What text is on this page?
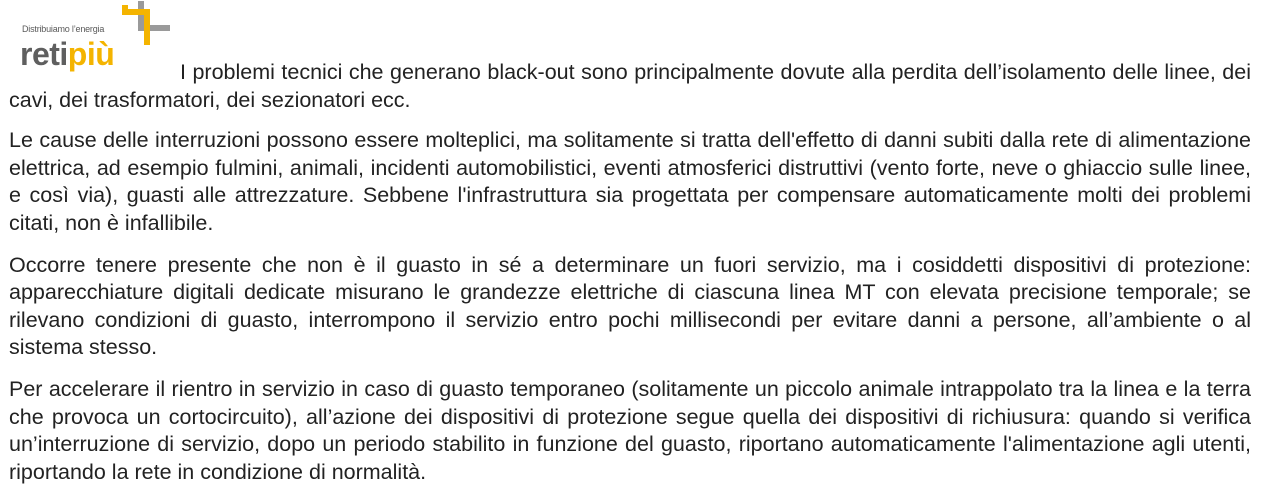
Distribuiamo l’energia
retipiù	I problemi tecnici che generano black-out sono principalmente dovute alla perdita dell’isolamento delle linee, dei cavi, dei trasformatori, dei sezionatori ecc.

Le cause delle interruzioni possono essere molteplici, ma solitamente si tratta dell'effetto di danni subiti dalla rete di alimentazione elettrica, ad esempio fulmini, animali, incidenti automobilistici, eventi atmosferici distruttivi (vento forte, neve o ghiaccio sulle linee, e così via), guasti alle attrezzature. Sebbene l'infrastruttura sia progettata per compensare automaticamente molti dei problemi citati, non è infallibile.

Occorre tenere presente che non è il guasto in sé a determinare un fuori servizio, ma i cosiddetti dispositivi di protezione: apparecchiature digitali dedicate misurano le grandezze elettriche di ciascuna linea MT con elevata precisione temporale; se rilevano condizioni di guasto, interrompono il servizio entro pochi millisecondi per evitare danni a persone, all’ambiente o al sistema stesso.

Per accelerare il rientro in servizio in caso di guasto temporaneo (solitamente un piccolo animale intrappolato tra la linea e la terra che provoca un cortocircuito), all’azione dei dispositivi di protezione segue quella dei dispositivi di richiusura: quando si verifica un’interruzione di servizio, dopo un periodo stabilito in funzione del guasto, riportano automaticamente l'alimentazione agli utenti, riportando la rete in condizione di normalità.
